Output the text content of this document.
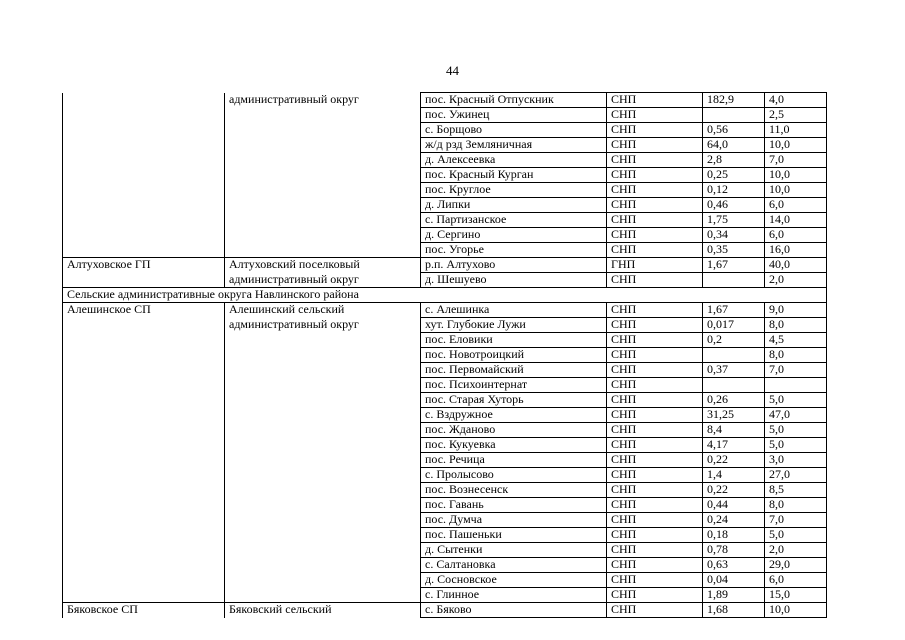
44
	административный округ	пос. Красный Отпускник	СНП	182,9	4,0
		пос. Ужинец	СНП		2,5
		с. Борщово	СНП	0,56	11,0
		ж/д рзд Земляничная	СНП	64,0	10,0
		д. Алексеевка	СНП	2,8	7,0
		пос. Красный Курган	СНП	0,25	10,0
		пос. Круглое	СНП	0,12	10,0
		д. Липки	СНП	0,46	6,0
		с. Партизанское	СНП	1,75	14,0
		д. Сергино	СНП	0,34	6,0
		пос. Угорье	СНП	0,35	16,0
Алтуховское ГП	Алтуховский поселковый	р.п. Алтухово	ГНП	1,67	40,0
	административный округ	д. Шешуево	СНП		2,0
Сельские административные округа Навлинского района					
Алешинское СП	Алешинский сельский	с. Алешинка	СНП	1,67	9,0
	административный округ	хут. Глубокие Лужи	СНП	0,017	8,0
		пос. Еловики	СНП	0,2	4,5
		пос. Новотроицкий	СНП		8,0
		пос. Первомайский	СНП	0,37	7,0
		пос. Психоинтернат	СНП		
		пос. Старая Хуторь	СНП	0,26	5,0
		с. Вздружное	СНП	31,25	47,0
		пос. Жданово	СНП	8,4	5,0
		пос. Кукуевка	СНП	4,17	5,0
		пос. Речица	СНП	0,22	3,0
		с. Пролысово	СНП	1,4	27,0
		пос. Вознесенск	СНП	0,22	8,5
		пос. Гавань	СНП	0,44	8,0
		пос. Думча	СНП	0,24	7,0
		пос. Пашеньки	СНП	0,18	5,0
		д. Сытенки	СНП	0,78	2,0
		с. Салтановка	СНП	0,63	29,0
		д. Сосновское	СНП	0,04	6,0
		с. Глинное	СНП	1,89	15,0
Бяковское СП	Бяковский сельский	с. Бяково	СНП	1,68	10,0
